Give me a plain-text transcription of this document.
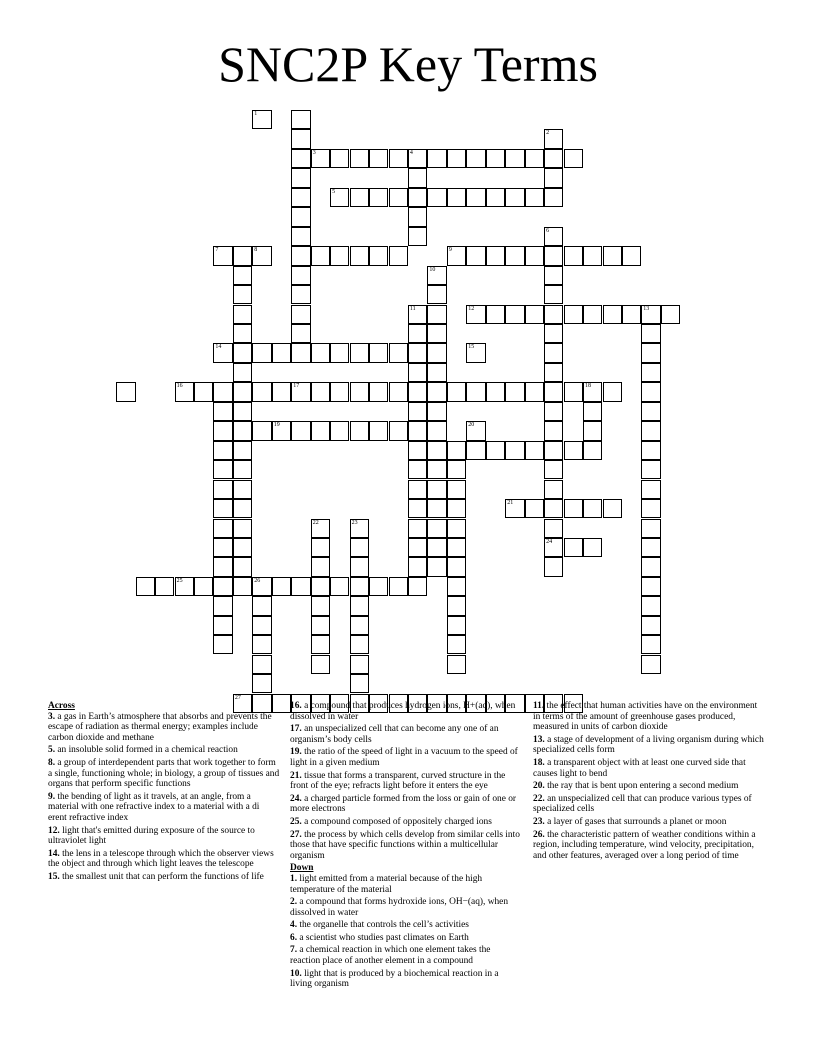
SNC2P Key Terms
2
4
6
24
9
10
11	12	13
17	18
19
22	23
26
27
1
3
5
7	8
14	15
16
20
21
25
Across
3. a gas in Earth’s atmosphere that absorbs and prevents the escape of radiation as thermal energy; examples include carbon dioxide and methane
5. an insoluble solid formed in a chemical reaction
8. a group of interdependent parts that work together to form a single, functioning whole; in biology, a group of tissues and organs that perform specific functions
9. the bending of light as it travels, at an angle, from a material with one refractive index to a material with a di erent refractive index
12. light that's emitted during exposure of the source to ultraviolet light
14. the lens in a telescope through which the observer views the object and through which light leaves the telescope
15. the smallest unit that can perform the functions of life
16. a compound that produces hydrogen ions, H+(aq), when dissolved in water
17. an unspecialized cell that can become any one of an organism’s body cells
19. the ratio of the speed of light in a vacuum to the speed of light in a given medium
21. tissue that forms a transparent, curved structure in the front of the eye; refracts light before it enters the eye
24. a charged particle formed from the loss or gain of one or more electrons
25. a compound composed of oppositely charged ions
27. the process by which cells develop from similar cells into those that have specific functions within a multicellular organism
Down
1. light emitted from a material because of the high temperature of the material
2. a compound that forms hydroxide ions, OH−(aq), when dissolved in water
4. the organelle that controls the cell’s activities
6. a scientist who studies past climates on Earth
7. a chemical reaction in which one element takes the reaction place of another element in a compound
10. light that is produced by a biochemical reaction in a living organism
11. the effect that human activities have on the environment in terms of the amount of greenhouse gases produced, measured in units of carbon dioxide
13. a stage of development of a living organism during which specialized cells form
18. a transparent object with at least one curved side that causes light to bend
20. the ray that is bent upon entering a second medium
22. an unspecialized cell that can produce various types of specialized cells
23. a layer of gases that surrounds a planet or moon
26. the characteristic pattern of weather conditions within a region, including temperature, wind velocity, precipitation, and other features, averaged over a long period of time
